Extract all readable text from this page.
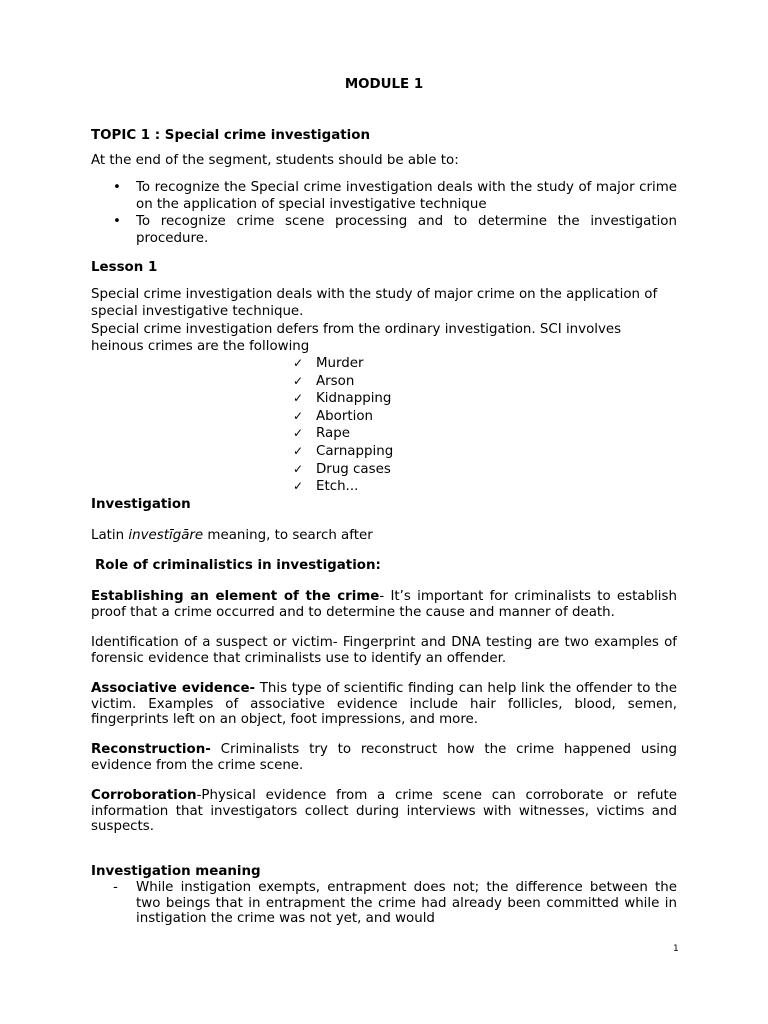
MODULE 1

TOPIC 1 : Special crime investigation

At the end of the segment, students should be able to:

• To recognize the Special crime investigation deals with the study of major crime on the application of special investigative technique
• To recognize crime scene processing and to determine the investigation procedure.

Lesson 1

Special crime investigation deals with the study of major crime on the application of special investigative technique.

Special crime investigation defers from the ordinary investigation. SCI involves heinous crimes are the following

✓ Murder
✓ Arson
✓ Kidnapping
✓ Abortion
✓ Rape
✓ Carnapping
✓ Drug cases
✓ Etch...

Investigation

Latin investīgāre meaning, to search after

Role of criminalistics in investigation:

Establishing an element of the crime- It’s important for criminalists to establish proof that a crime occurred and to determine the cause and manner of death.

Identification of a suspect or victim- Fingerprint and DNA testing are two examples of forensic evidence that criminalists use to identify an offender.

Associative evidence- This type of scientific finding can help link the offender to the victim. Examples of associative evidence include hair follicles, blood, semen, fingerprints left on an object, foot impressions, and more.

Reconstruction- Criminalists try to reconstruct how the crime happened using evidence from the crime scene.

Corroboration-Physical evidence from a crime scene can corroborate or refute information that investigators collect during interviews with witnesses, victims and suspects.

Investigation meaning

-	While instigation exempts, entrapment does not; the difference between the two beings that in entrapment the crime had already been committed while in instigation the crime was not yet, and would
1
